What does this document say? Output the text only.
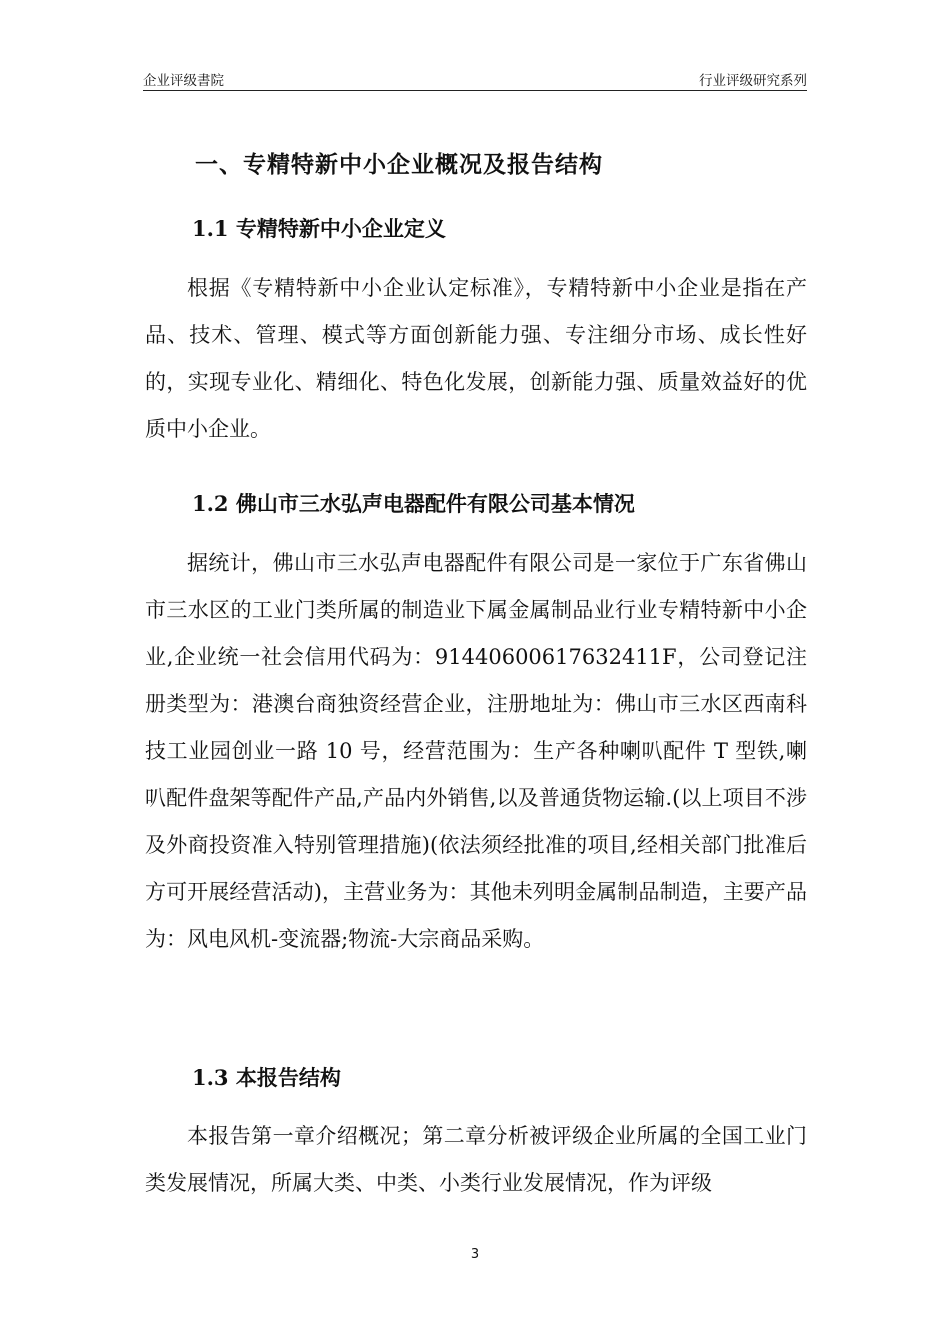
企业评级書院	行业评级研究系列
一、专精特新中小企业概况及报告结构
1.1 专精特新中小企业定义

根据《专精特新中小企业认定标准》，专精特新中小企业是指在产品、技术、管理、模式等方面创新能力强、专注细分市场、成长性好的，实现专业化、精细化、特色化发展，创新能力强、质量效益好的优质中小企业。

1.2 佛山市三水弘声电器配件有限公司基本情况

据统计，佛山市三水弘声电器配件有限公司是一家位于广东省佛山市三水区的工业门类所属的制造业下属金属制品业行业专精特新中小企业,企业统一社会信用代码为：91440600617632411F，公司登记注册类型为：港澳台商独资经营企业，注册地址为：佛山市三水区西南科技工业园创业一路 10 号，经营范围为：生产各种喇叭配件 T 型铁,喇叭配件盘架等配件产品,产品内外销售,以及普通货物运输.(以上项目不涉及外商投资准入特别管理措施)(依法须经批准的项目,经相关部门批准后方可开展经营活动)，主营业务为：其他未列明金属制品制造，主要产品为：风电风机-变流器;物流-大宗商品采购。

1.3 本报告结构

本报告第一章介绍概况；第二章分析被评级企业所属的全国工业门类发展情况，所属大类、中类、小类行业发展情况，作为评级

3
